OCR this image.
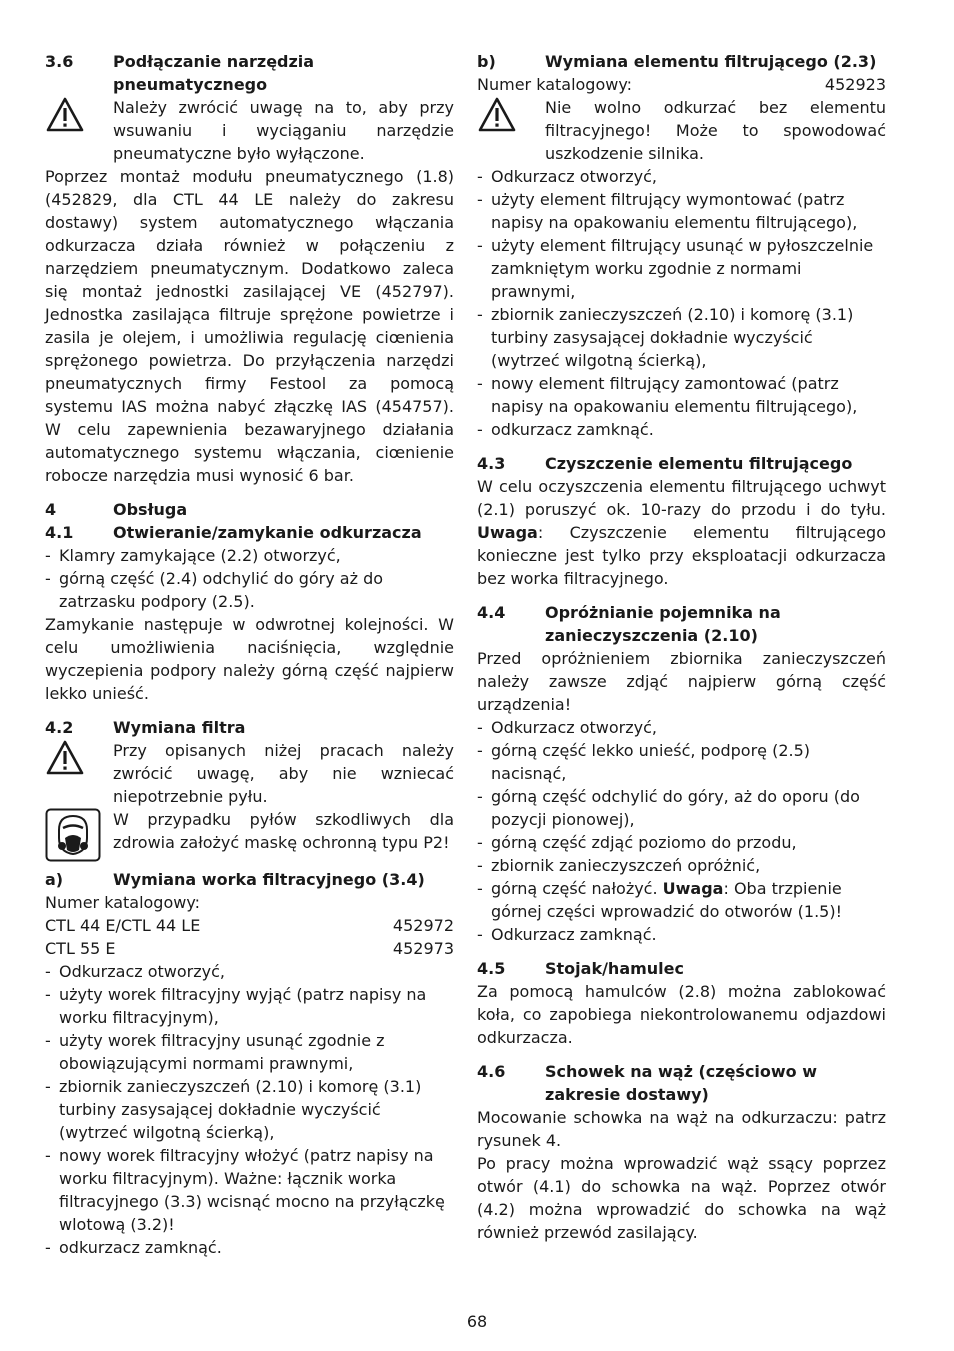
3.6	Podłączanie narzędzia pneumatycznego

Należy zwrócić uwagę na to, aby przy wsuwaniu i wyciąganiu narzędzie pneumatyczne było wyłączone.

Poprzez montaż modułu pneumatycznego (1.8) (452829, dla CTL 44 LE należy do zakresu dostawy) system automatycznego włączania odkurzacza działa również w połączeniu z narzędziem pneumatycznym. Dodatkowo zaleca się montaż jednostki zasilającej VE (452797). Jednostka zasilająca filtruje sprężone powietrze i zasila je olejem, i umożliwia regulację ciœnienia sprężonego powietrza. Do przyłączenia narzędzi pneumatycznych firmy Festool za pomocą systemu IAS można nabyć złączkę IAS (454757). W celu zapewnienia bezawaryjnego działania automatycznego systemu włączania, ciœnienie robocze narzędzia musi wynosić 6 bar.

4	Obsługa
4.1	Otwieranie/zamykanie odkurzacza
- Klamry zamykające (2.2) otworzyć,
- górną część (2.4) odchylić do góry aż do zatrzasku podpory (2.5).

Zamykanie następuje w odwrotnej kolejności. W celu umożliwienia naciśnięcia, względnie wyczepienia podpory należy górną część najpierw lekko unieść.

4.2	Wymiana filtra

Przy opisanych niżej pracach należy zwrócić uwagę, aby nie wzniecać niepotrzebnie pyłu.

W przypadku pyłów szkodliwych dla zdrowia założyć maskę ochronną typu P2!

a)	Wymiana worka filtracyjnego (3.4)
Numer katalogowy:
CTL 44 E/CTL 44 LE	452972
CTL 55 E	452973
- Odkurzacz otworzyć,
- użyty worek filtracyjny wyjąć (patrz napisy na worku filtracyjnym),
- użyty worek filtracyjny usunąć zgodnie z obowiązującymi normami prawnymi,
- zbiornik zanieczyszczeń (2.10) i komorę (3.1) turbiny zasysającej dokładnie wyczyścić (wytrzeć wilgotną ścierką),
- nowy worek filtracyjny włożyć (patrz napisy na worku filtracyjnym). Ważne: łącznik worka filtracyjnego (3.3) wcisnąć mocno na przyłączkę wlotową (3.2)!
- odkurzacz zamknąć.
b)	Wymiana elementu filtrującego (2.3)
Numer katalogowy:	452923

Nie wolno odkurzać bez elementu filtracyjnego! Może to spowodować uszkodzenie silnika.

- Odkurzacz otworzyć,
- użyty element filtrujący wymontować (patrz napisy na opakowaniu elementu filtrującego),
- użyty element filtrujący usunąć w pyłoszczelnie zamkniętym worku zgodnie z normami prawnymi,
- zbiornik zanieczyszczeń (2.10) i komorę (3.1) turbiny zasysającej dokładnie wyczyścić (wytrzeć wilgotną ścierką),
- nowy element filtrujący zamontować (patrz napisy na opakowaniu elementu filtrującego),
- odkurzacz zamknąć.
4.3	Czyszczenie elementu filtrującego

W celu oczyszczenia elementu filtrującego uchwyt (2.1) poruszyć ok. 10-razy do przodu i do tyłu. Uwaga: Czyszczenie elementu filtrującego konieczne jest tylko przy eksploatacji odkurzacza bez worka filtracyjnego.

4.4	Opróżnianie pojemnika na zanieczyszczenia (2.10)

Przed opróżnieniem zbiornika zanieczyszczeń należy zawsze zdjąć najpierw górną część urządzenia!

- Odkurzacz otworzyć,
- górną część lekko unieść, podporę (2.5) nacisnąć,
- górną część odchylić do góry, aż do oporu (do pozycji pionowej),
- górną część zdjąć poziomo do przodu,
- zbiornik zanieczyszczeń opróżnić,
- górną część nałożyć. Uwaga: Oba trzpienie górnej części wprowadzić do otworów (1.5)!
- Odkurzacz zamknąć.
4.5	Stojak/hamulec

Za pomocą hamulców (2.8) można zablokować koła, co zapobiega niekontrolowanemu odjazdowi odkurzacza.

4.6	Schowek na wąż (częściowo w zakresie dostawy)

Mocowanie schowka na wąż na odkurzaczu: patrz rysunek 4.

Po pracy można wprowadzić wąż ssący poprzez otwór (4.1) do schowka na wąż. Poprzez otwór (4.2) można wprowadzić do schowka na wąż również przewód zasilający.

68
